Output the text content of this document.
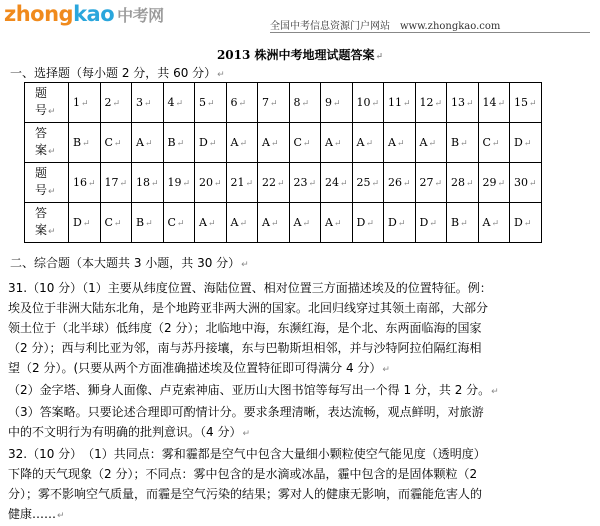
zhongkao 中考网
全国中考信息资源门户网站 www.zhongkao.com
2013 株洲中考地理试题答案↵
一、选择题（每小题 2 分，共 60 分）↵
题
号↵	1↵	2↵	3↵	4↵	5↵	6↵	7↵	8↵	9↵	10↵	11↵	12↵	13↵	14↵	15↵
答
案↵	B↵	C↵	A↵	B↵	D↵	A↵	A↵	C↵	A↵	A↵	A↵	A↵	B↵	C↵	D↵
题
号↵	16↵	17↵	18↵	19↵	20↵	21↵	22↵	23↵	24↵	25↵	26↵	27↵	28↵	29↵	30↵
答
案↵	D↵	C↵	B↵	C↵	A↵	A↵	A↵	A↵	A↵	D↵	D↵	D↵	B↵	A↵	D↵
二、综合题（本大题共 3 小题，共 30 分）↵

31.（10 分）（1）主要从纬度位置、海陆位置、相对位置三方面描述埃及的位置特征。例：

埃及位于非洲大陆东北角，是个地跨亚非两大洲的国家。北回归线穿过其领土南部，大部分

领土位于（北半球）低纬度（2 分）；北临地中海，东濒红海，是个北、东两面临海的国家

（2 分）；西与利比亚为邻，南与苏丹接壤，东与巴勒斯坦相邻，并与沙特阿拉伯隔红海相

望（2 分）。(只要从两个方面准确描述埃及位置特征即可得满分 4 分）↵

（2）金字塔、狮身人面像、卢克索神庙、亚历山大图书馆等每写出一个得 1 分，共 2 分。↵

（3）答案略。只要论述合理即可酌情计分。要求条理清晰，表达流畅，观点鲜明，对旅游

中的不文明行为有明确的批判意识。（4 分）↵

32.（10 分）　（1）共同点：雾和霾都是空气中包含大量细小颗粒使空气能见度（透明度）

下降的天气现象（2 分）；不同点：雾中包含的是水滴或冰晶，霾中包含的是固体颗粒（2

分）；雾不影响空气质量，而霾是空气污染的结果；雾对人的健康无影响，而霾能危害人的

健康……↵
